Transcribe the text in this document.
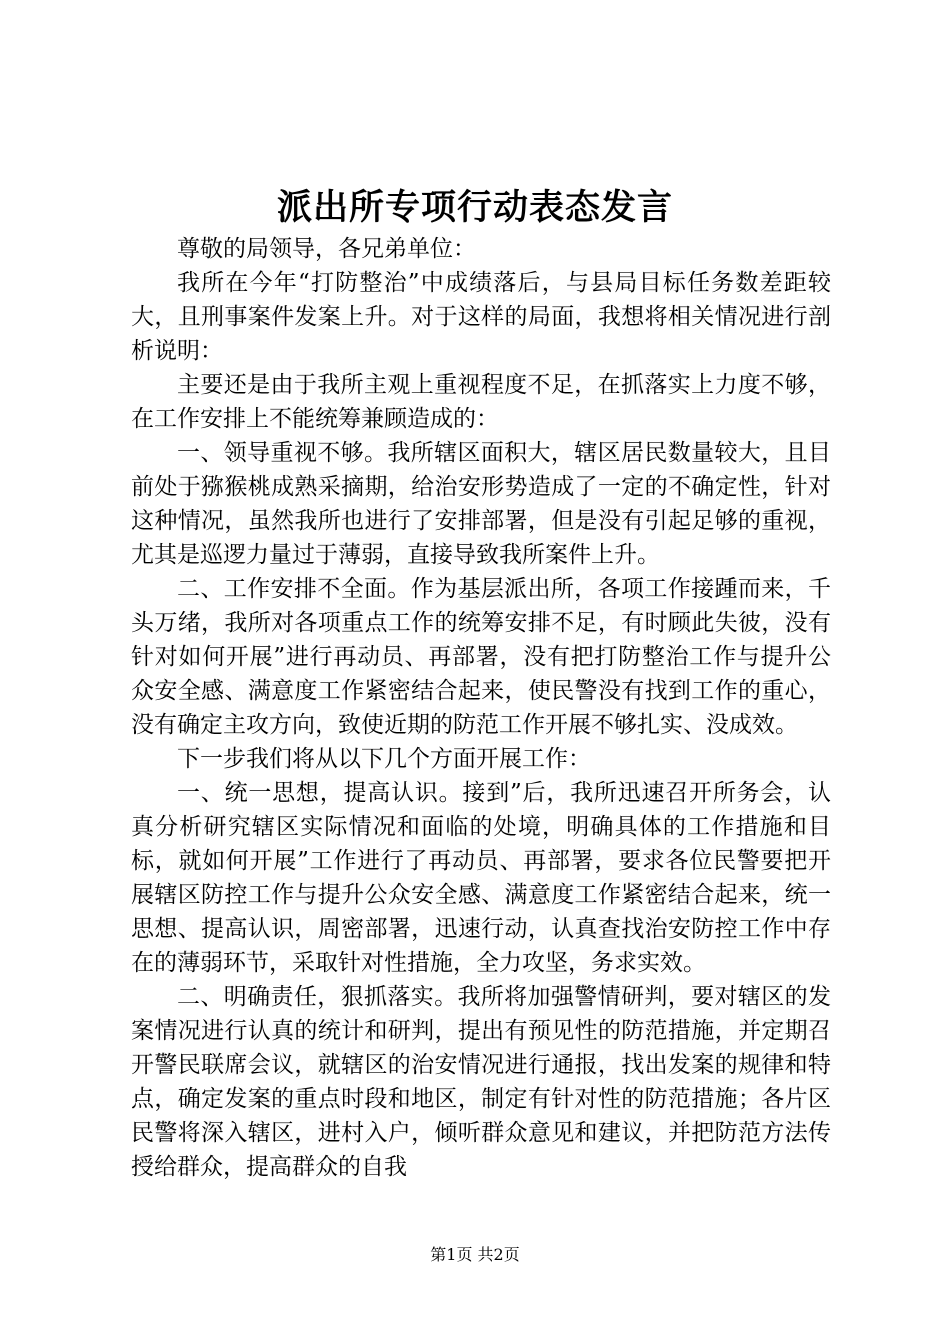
派出所专项行动表态发言

尊敬的局领导，各兄弟单位：

我所在今年“打防整治”中成绩落后，与县局目标任务数差距较大，且刑事案件发案上升。对于这样的局面，我想将相关情况进行剖析说明：

主要还是由于我所主观上重视程度不足，在抓落实上力度不够，在工作安排上不能统筹兼顾造成的：

一、领导重视不够。我所辖区面积大，辖区居民数量较大，且目前处于猕猴桃成熟采摘期，给治安形势造成了一定的不确定性，针对这种情况，虽然我所也进行了安排部署，但是没有引起足够的重视，尤其是巡逻力量过于薄弱，直接导致我所案件上升。

二、工作安排不全面。作为基层派出所，各项工作接踵而来，千头万绪，我所对各项重点工作的统筹安排不足，有时顾此失彼，没有针对如何开展”进行再动员、再部署，没有把打防整治工作与提升公众安全感、满意度工作紧密结合起来，使民警没有找到工作的重心，没有确定主攻方向，致使近期的防范工作开展不够扎实、没成效。

下一步我们将从以下几个方面开展工作：

一、统一思想，提高认识。接到”后，我所迅速召开所务会，认真分析研究辖区实际情况和面临的处境，明确具体的工作措施和目标，就如何开展”工作进行了再动员、再部署，要求各位民警要把开展辖区防控工作与提升公众安全感、满意度工作紧密结合起来，统一思想、提高认识，周密部署，迅速行动，认真查找治安防控工作中存在的薄弱环节，采取针对性措施，全力攻坚，务求实效。

二、明确责任，狠抓落实。我所将加强警情研判，要对辖区的发案情况进行认真的统计和研判，提出有预见性的防范措施，并定期召开警民联席会议，就辖区的治安情况进行通报，找出发案的规律和特点，确定发案的重点时段和地区，制定有针对性的防范措施；各片区民警将深入辖区，进村入户，倾听群众意见和建议，并把防范方法传授给群众，提高群众的自我

第1页 共2页
